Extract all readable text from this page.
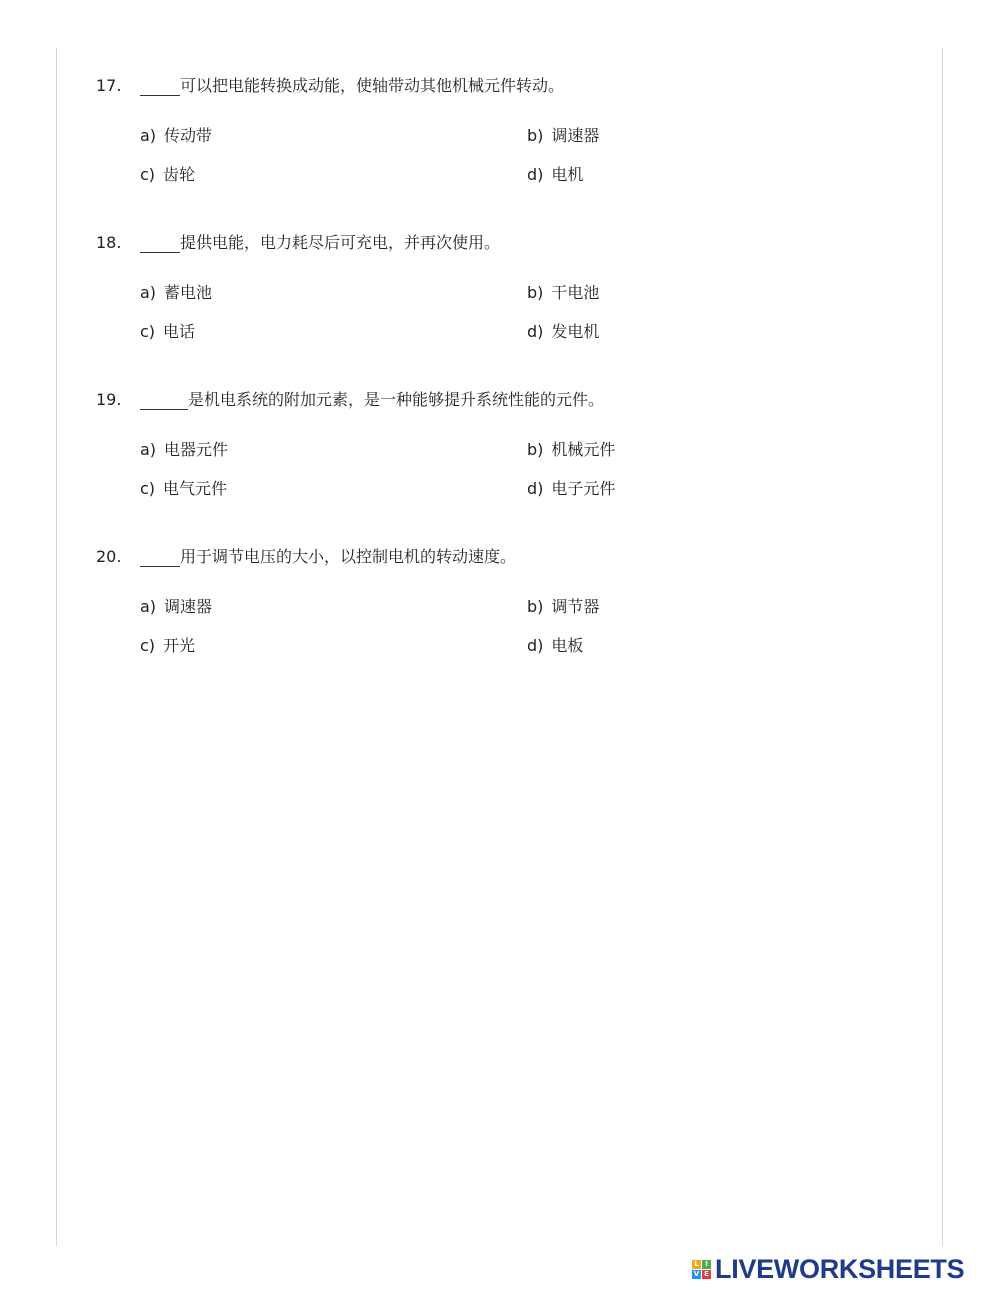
17.	可以把电能转换成动能，使轴带动其他机械元件转动。
a) 传动带	b) 调速器
c) 齿轮	d) 电机
18.	提供电能，电力耗尽后可充电，并再次使用。
a) 蓄电池	b) 干电池
c) 电话	d) 发电机
19.	是机电系统的附加元素，是一种能够提升系统性能的元件。
a) 电器元件	b) 机械元件
c) 电气元件	d) 电子元件
20.	用于调节电压的大小，以控制电机的转动速度。
a) 调速器	b) 调节器
c) 开光	d) 电板
L I
V E LIVEWORKSHEETS
